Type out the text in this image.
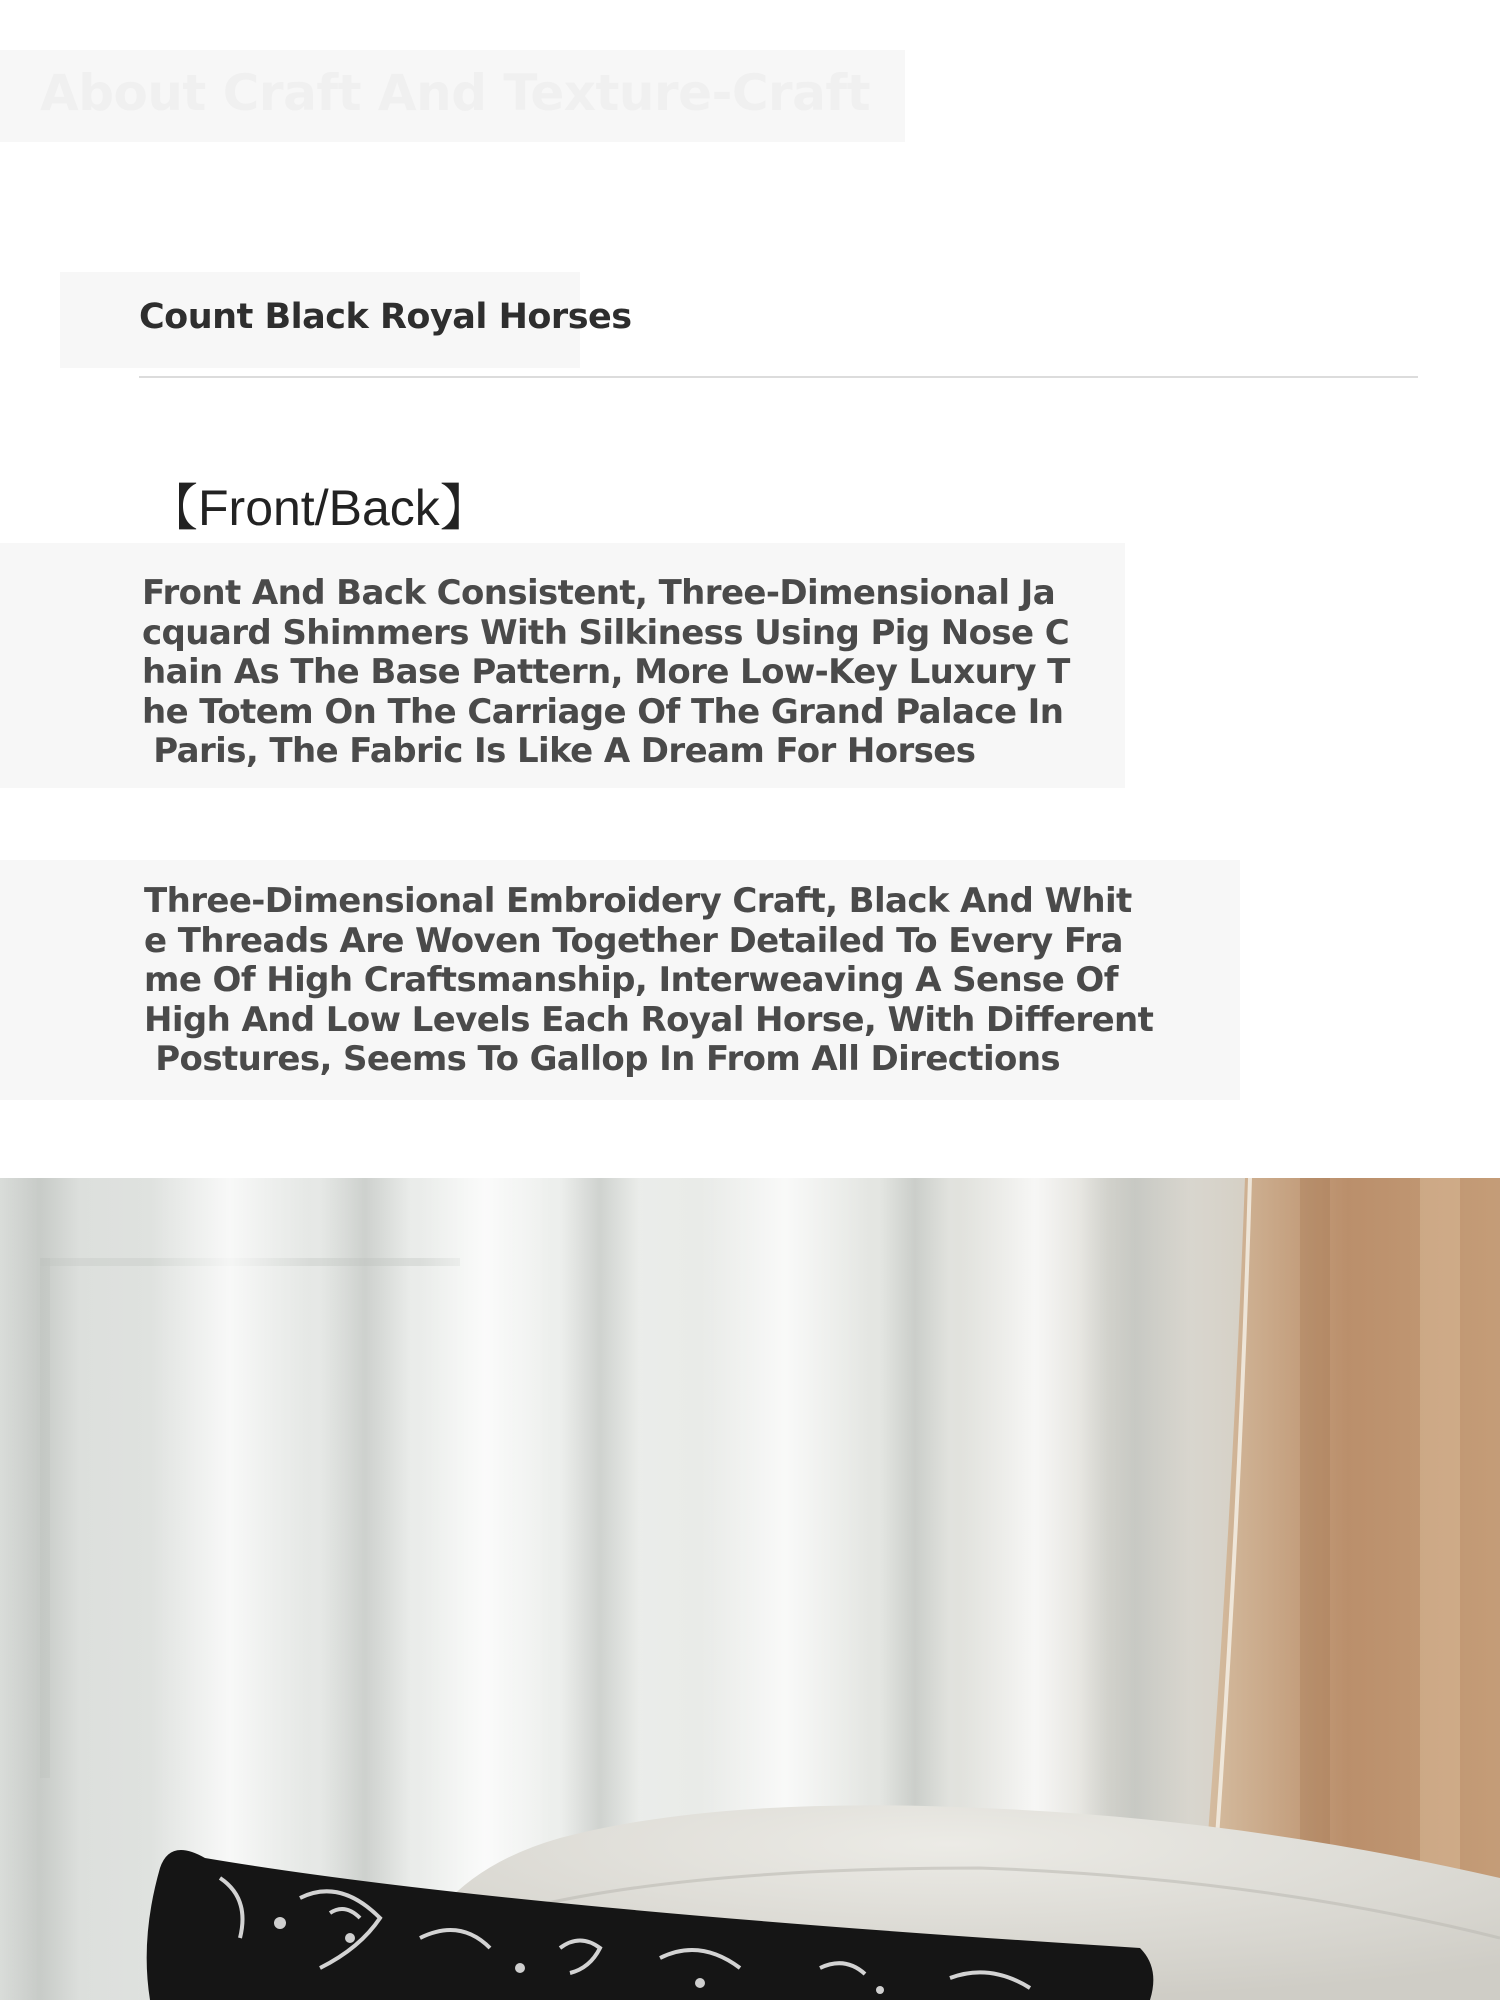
About Craft And Texture-Craft
Count Black Royal Horses
【Front/Back】

Front And Back Consistent, Three-Dimensional Ja
cquard Shimmers With Silkiness Using Pig Nose C
hain As The Base Pattern, More Low-Key Luxury T
he Totem On The Carriage Of The Grand Palace In
Paris, The Fabric Is Like A Dream For Horses

Three-Dimensional Embroidery Craft, Black And Whit
e Threads Are Woven Together Detailed To Every Fra
me Of High Craftsmanship, Interweaving A Sense Of
High And Low Levels Each Royal Horse, With Different
Postures, Seems To Gallop In From All Directions
